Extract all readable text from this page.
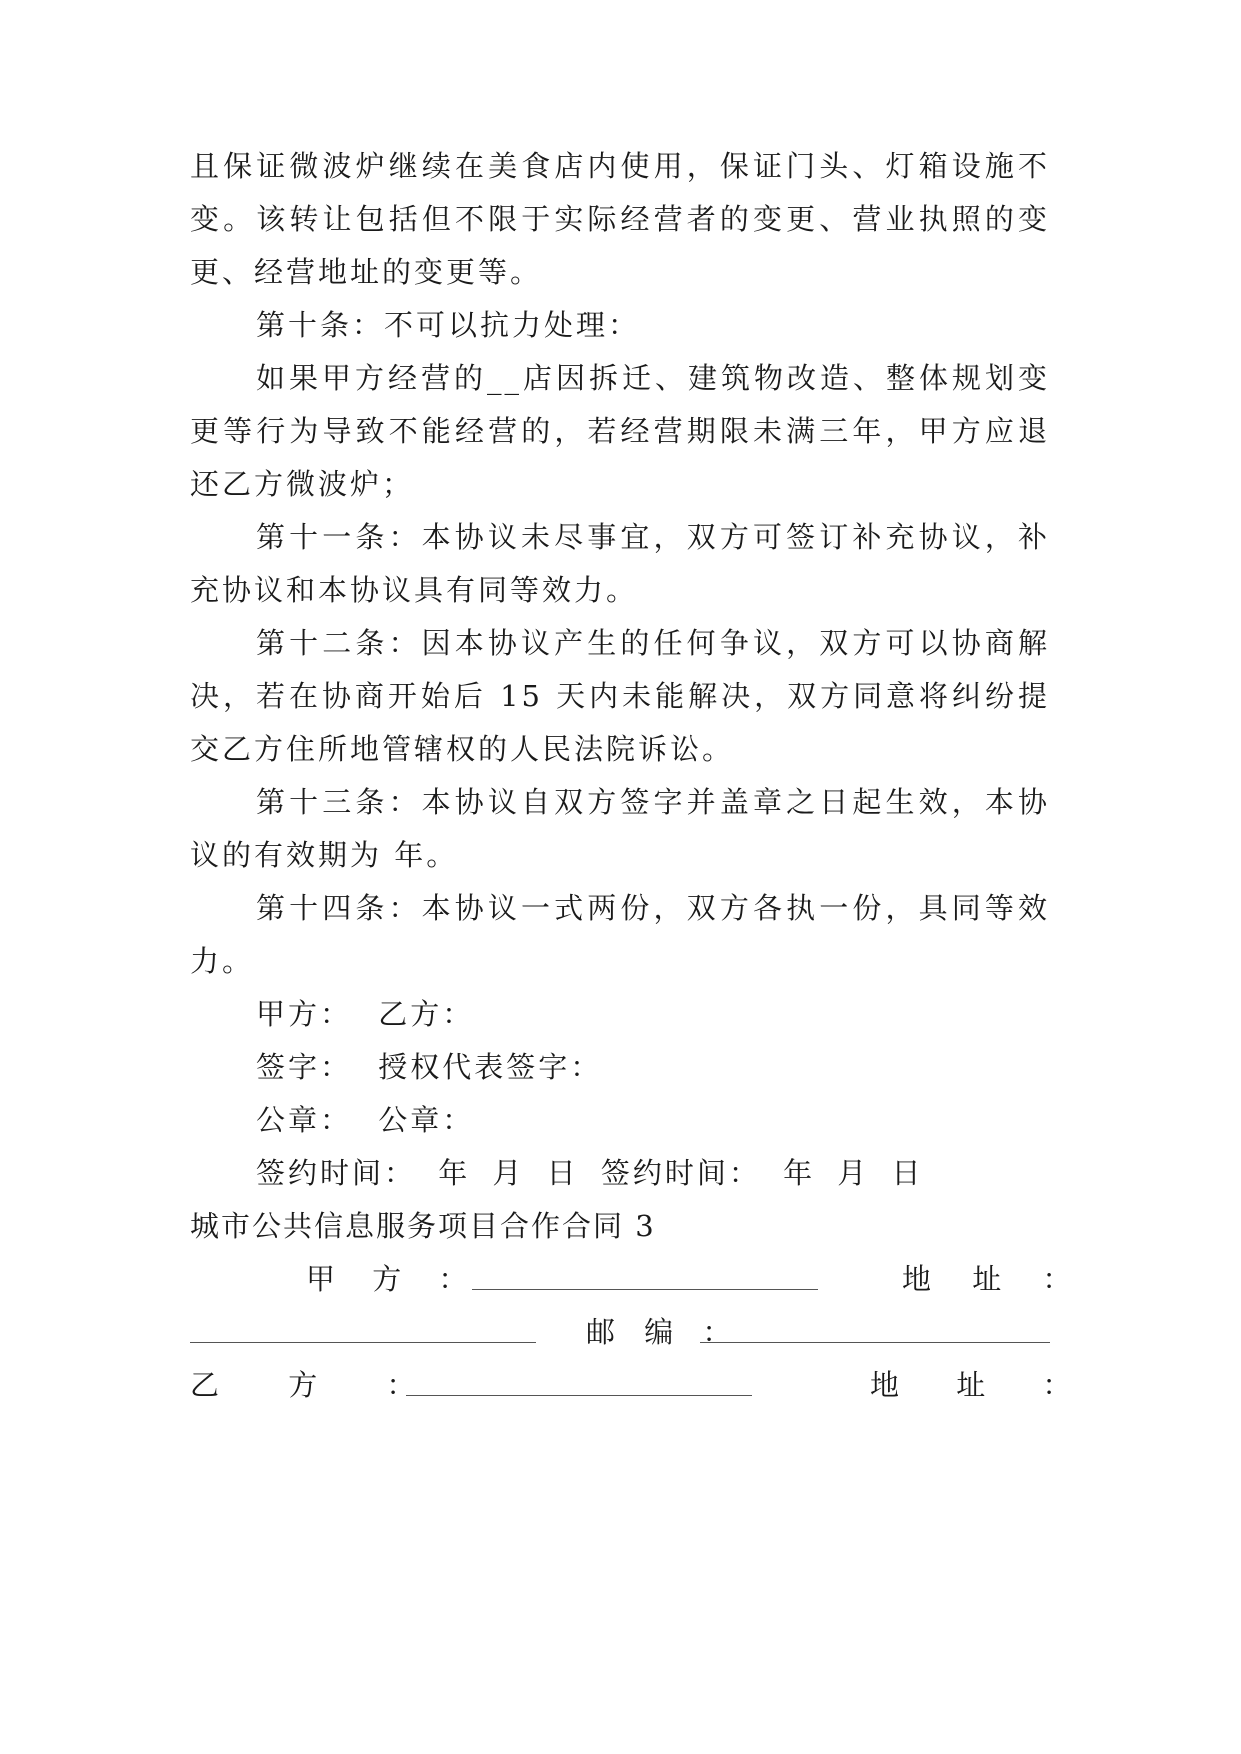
且保证微波炉继续在美食店内使用，保证门头、灯箱设施不
变。该转让包括但不限于实际经营者的变更、营业执照的变
更、经营地址的变更等。
第十条：不可以抗力处理：
如果甲方经营的__店因拆迁、建筑物改造、整体规划变
更等行为导致不能经营的，若经营期限未满三年，甲方应退
还乙方微波炉；
第十一条：本协议未尽事宜，双方可签订补充协议，补
充协议和本协议具有同等效力。
第十二条：因本协议产生的任何争议，双方可以协商解
决，若在协商开始后 15 天内未能解决，双方同意将纠纷提
交乙方住所地管辖权的人民法院诉讼。
第十三条：本协议自双方签字并盖章之日起生效，本协
议的有效期为 年。
第十四条：本协议一式两份，双方各执一份，具同等效
力。
甲方： 乙方：
签字： 授权代表签字：
公章： 公章：
签约时间： 年 月 日 签约时间： 年 月 日
城市公共信息服务项目合作合同 3
甲 方 ：	地 址 ：
邮 编 ：
乙 方 ：	地 址 ：
